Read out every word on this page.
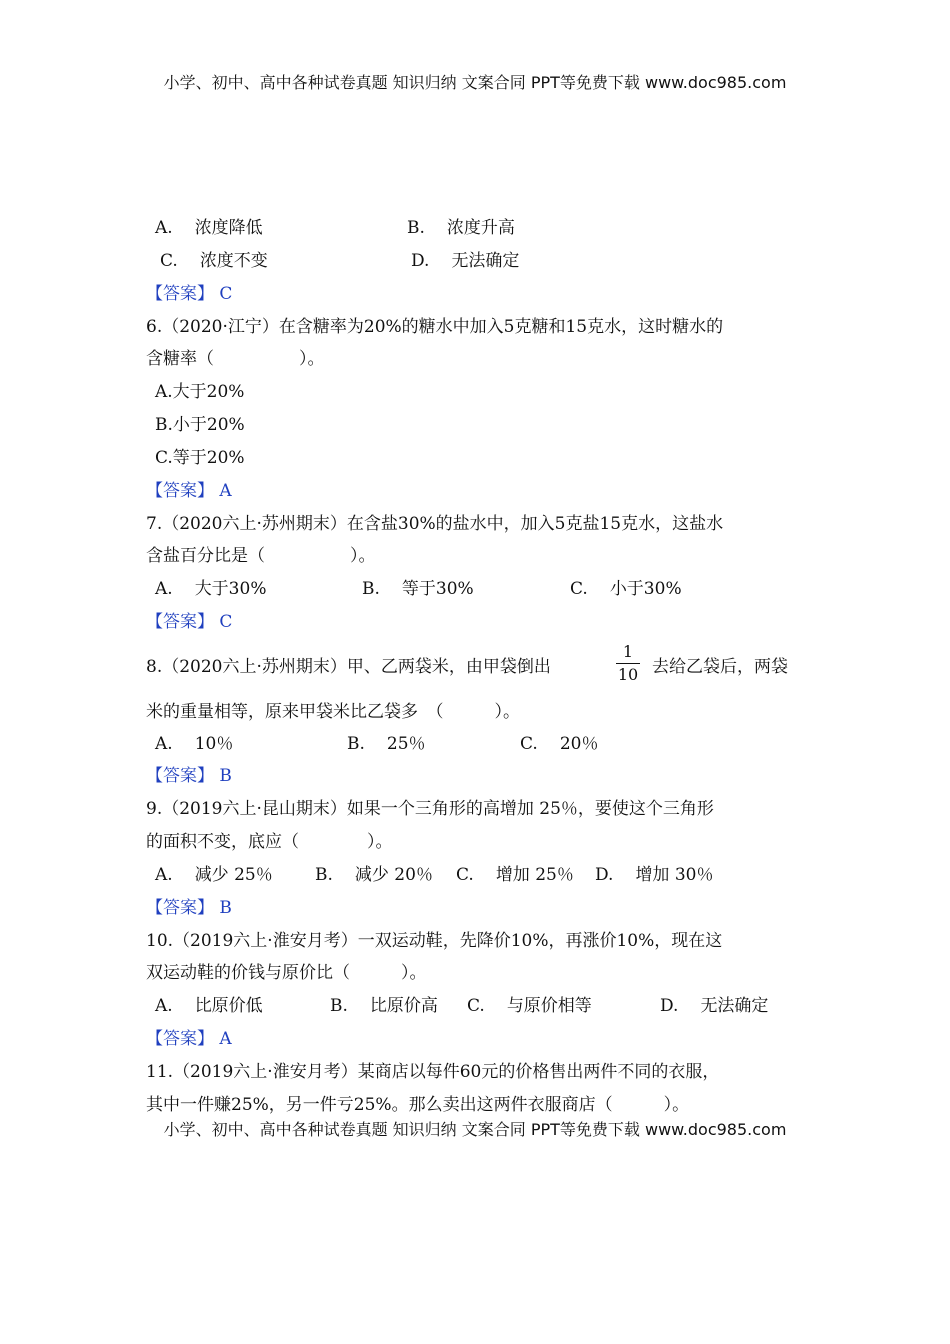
小学、初中、高中各种试卷真题 知识归纳 文案合同 PPT等免费下载 www.doc985.com
A. 浓度降低	B. 浓度升高
C. 浓度不变	D. 无法确定
【答案】 C
6.（2020·江宁）在含糖率为20%的糖水中加入5克糖和15克水，这时糖水的
含糖率（　　　　　）。
A.大于20%
B.小于20%
C.等于20%
【答案】 A
7.（2020六上·苏州期末）在含盐30%的盐水中，加入5克盐15克水，这盐水
含盐百分比是（　　　　　）。
A. 大于30%	B. 等于30%	C. 小于30%
【答案】 C
8.（2020六上·苏州期末）甲、乙两袋米，由甲袋倒出
1
10 去给乙袋后，两袋
米的重量相等，原来甲袋米比乙袋多　（　　　）。
A. 10％	B. 25％	C. 20％
【答案】 B
9.（2019六上·昆山期末）如果一个三角形的高增加 25％，要使这个三角形
的面积不变，底应（　　　　）。
A. 减少 25％ B. 减少 20％ C. 增加 25％ D. 增加 30％
【答案】 B
10.（2019六上·淮安月考）一双运动鞋，先降价10%，再涨价10%，现在这
双运动鞋的价钱与原价比（　　　）。
A. 比原价低	B. 比原价高 C. 与原价相等	D. 无法确定
【答案】 A
11.（2019六上·淮安月考）某商店以每件60元的价格售出两件不同的衣服，
其中一件赚25%，另一件亏25%。那么卖出这两件衣服商店（　　　）。
小学、初中、高中各种试卷真题 知识归纳 文案合同 PPT等免费下载 www.doc985.com
